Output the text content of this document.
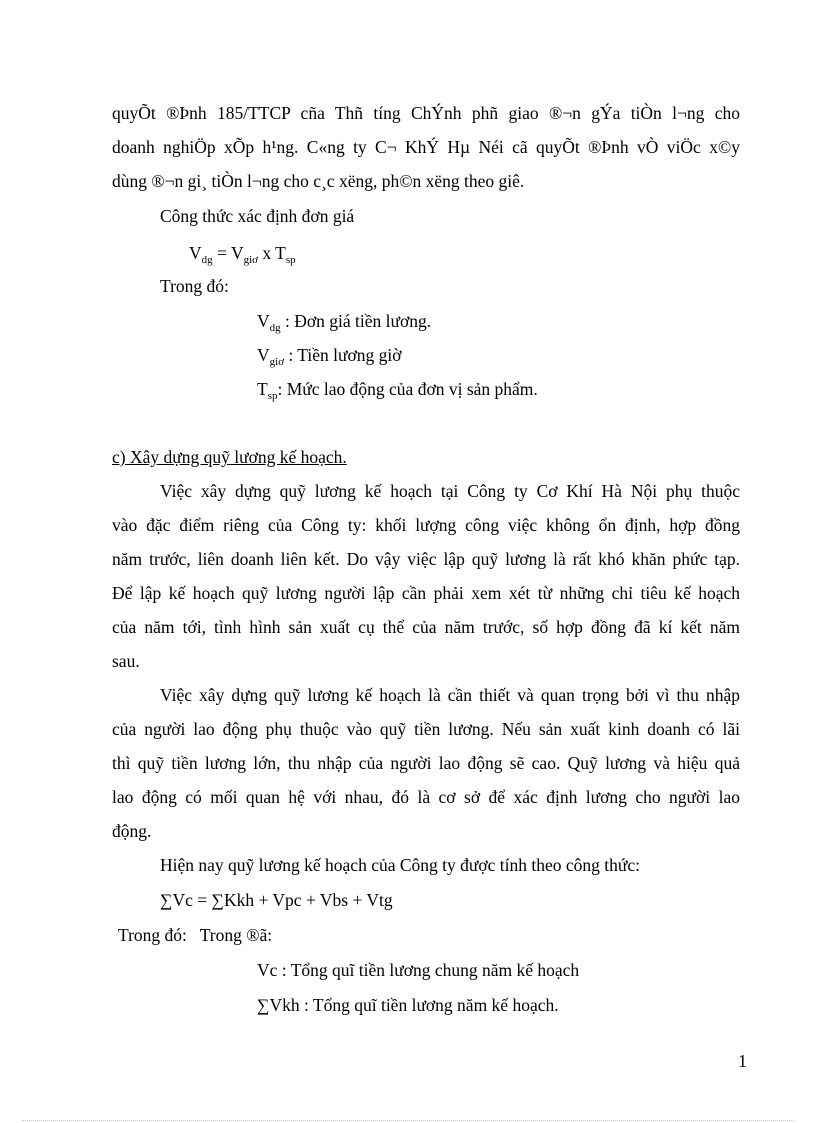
quyÕt ®Þnh 185/TTCP cña Thñ tíng ChÝnh phñ giao ®¬n gÝa tiÒn l¬ng cho
doanh nghiÖp xÕp h¹ng. C«ng ty C¬ KhÝ Hµ Néi cã quyÕt ®Þnh vÒ viÖc x©y
dùng ®¬n gi¸ tiÒn l¬ng cho c¸c xëng, ph©n xëng theo giê.
Công thức xác định đơn giá
$V_{dg} = V_{giơ}$ x $T_{sp}$
Trong đó:
$V_{dg}$ : Đơn giá tiền lương.
$V_{giơ}$ : Tiền lương giờ
$T_{sp}$: Mức lao động của đơn vị sản phẩm.
c) Xây dựng quỹ lương kế hoạch.
Việc xây dựng quỹ lương kế hoạch tại Công ty Cơ Khí Hà Nội phụ thuộc
vào đặc điểm riêng của Công ty: khối lượng công việc không ổn định, hợp đồng
năm trước, liên doanh liên kết. Do vậy việc lập quỹ lương là rất khó khăn phức tạp.
Để lập kế hoạch quỹ lương người lập cần phải xem xét từ những chỉ tiêu kế hoạch
của năm tới, tình hình sản xuất cụ thể của năm trước, số hợp đồng đã kí kết năm
sau.
Việc xây dựng quỹ lương kế hoạch là cần thiết và quan trọng bởi vì thu nhập
của người lao động phụ thuộc vào quỹ tiền lương. Nếu sản xuất kinh doanh có lãi
thì quỹ tiền lương lớn, thu nhập của người lao động sẽ cao. Quỹ lương và hiệu quả
lao động có mối quan hệ với nhau, đó là cơ sở để xác định lương cho người lao
động.
Hiện nay quỹ lương kế hoạch của Công ty được tính theo công thức:
∑Vc = ∑Kkh + Vpc + Vbs + Vtg
Trong đó:   Trong ®ã:
Vc : Tổng quĩ tiền lương chung năm kế hoạch
∑Vkh : Tổng quĩ tiền lương năm kế hoạch.
1
